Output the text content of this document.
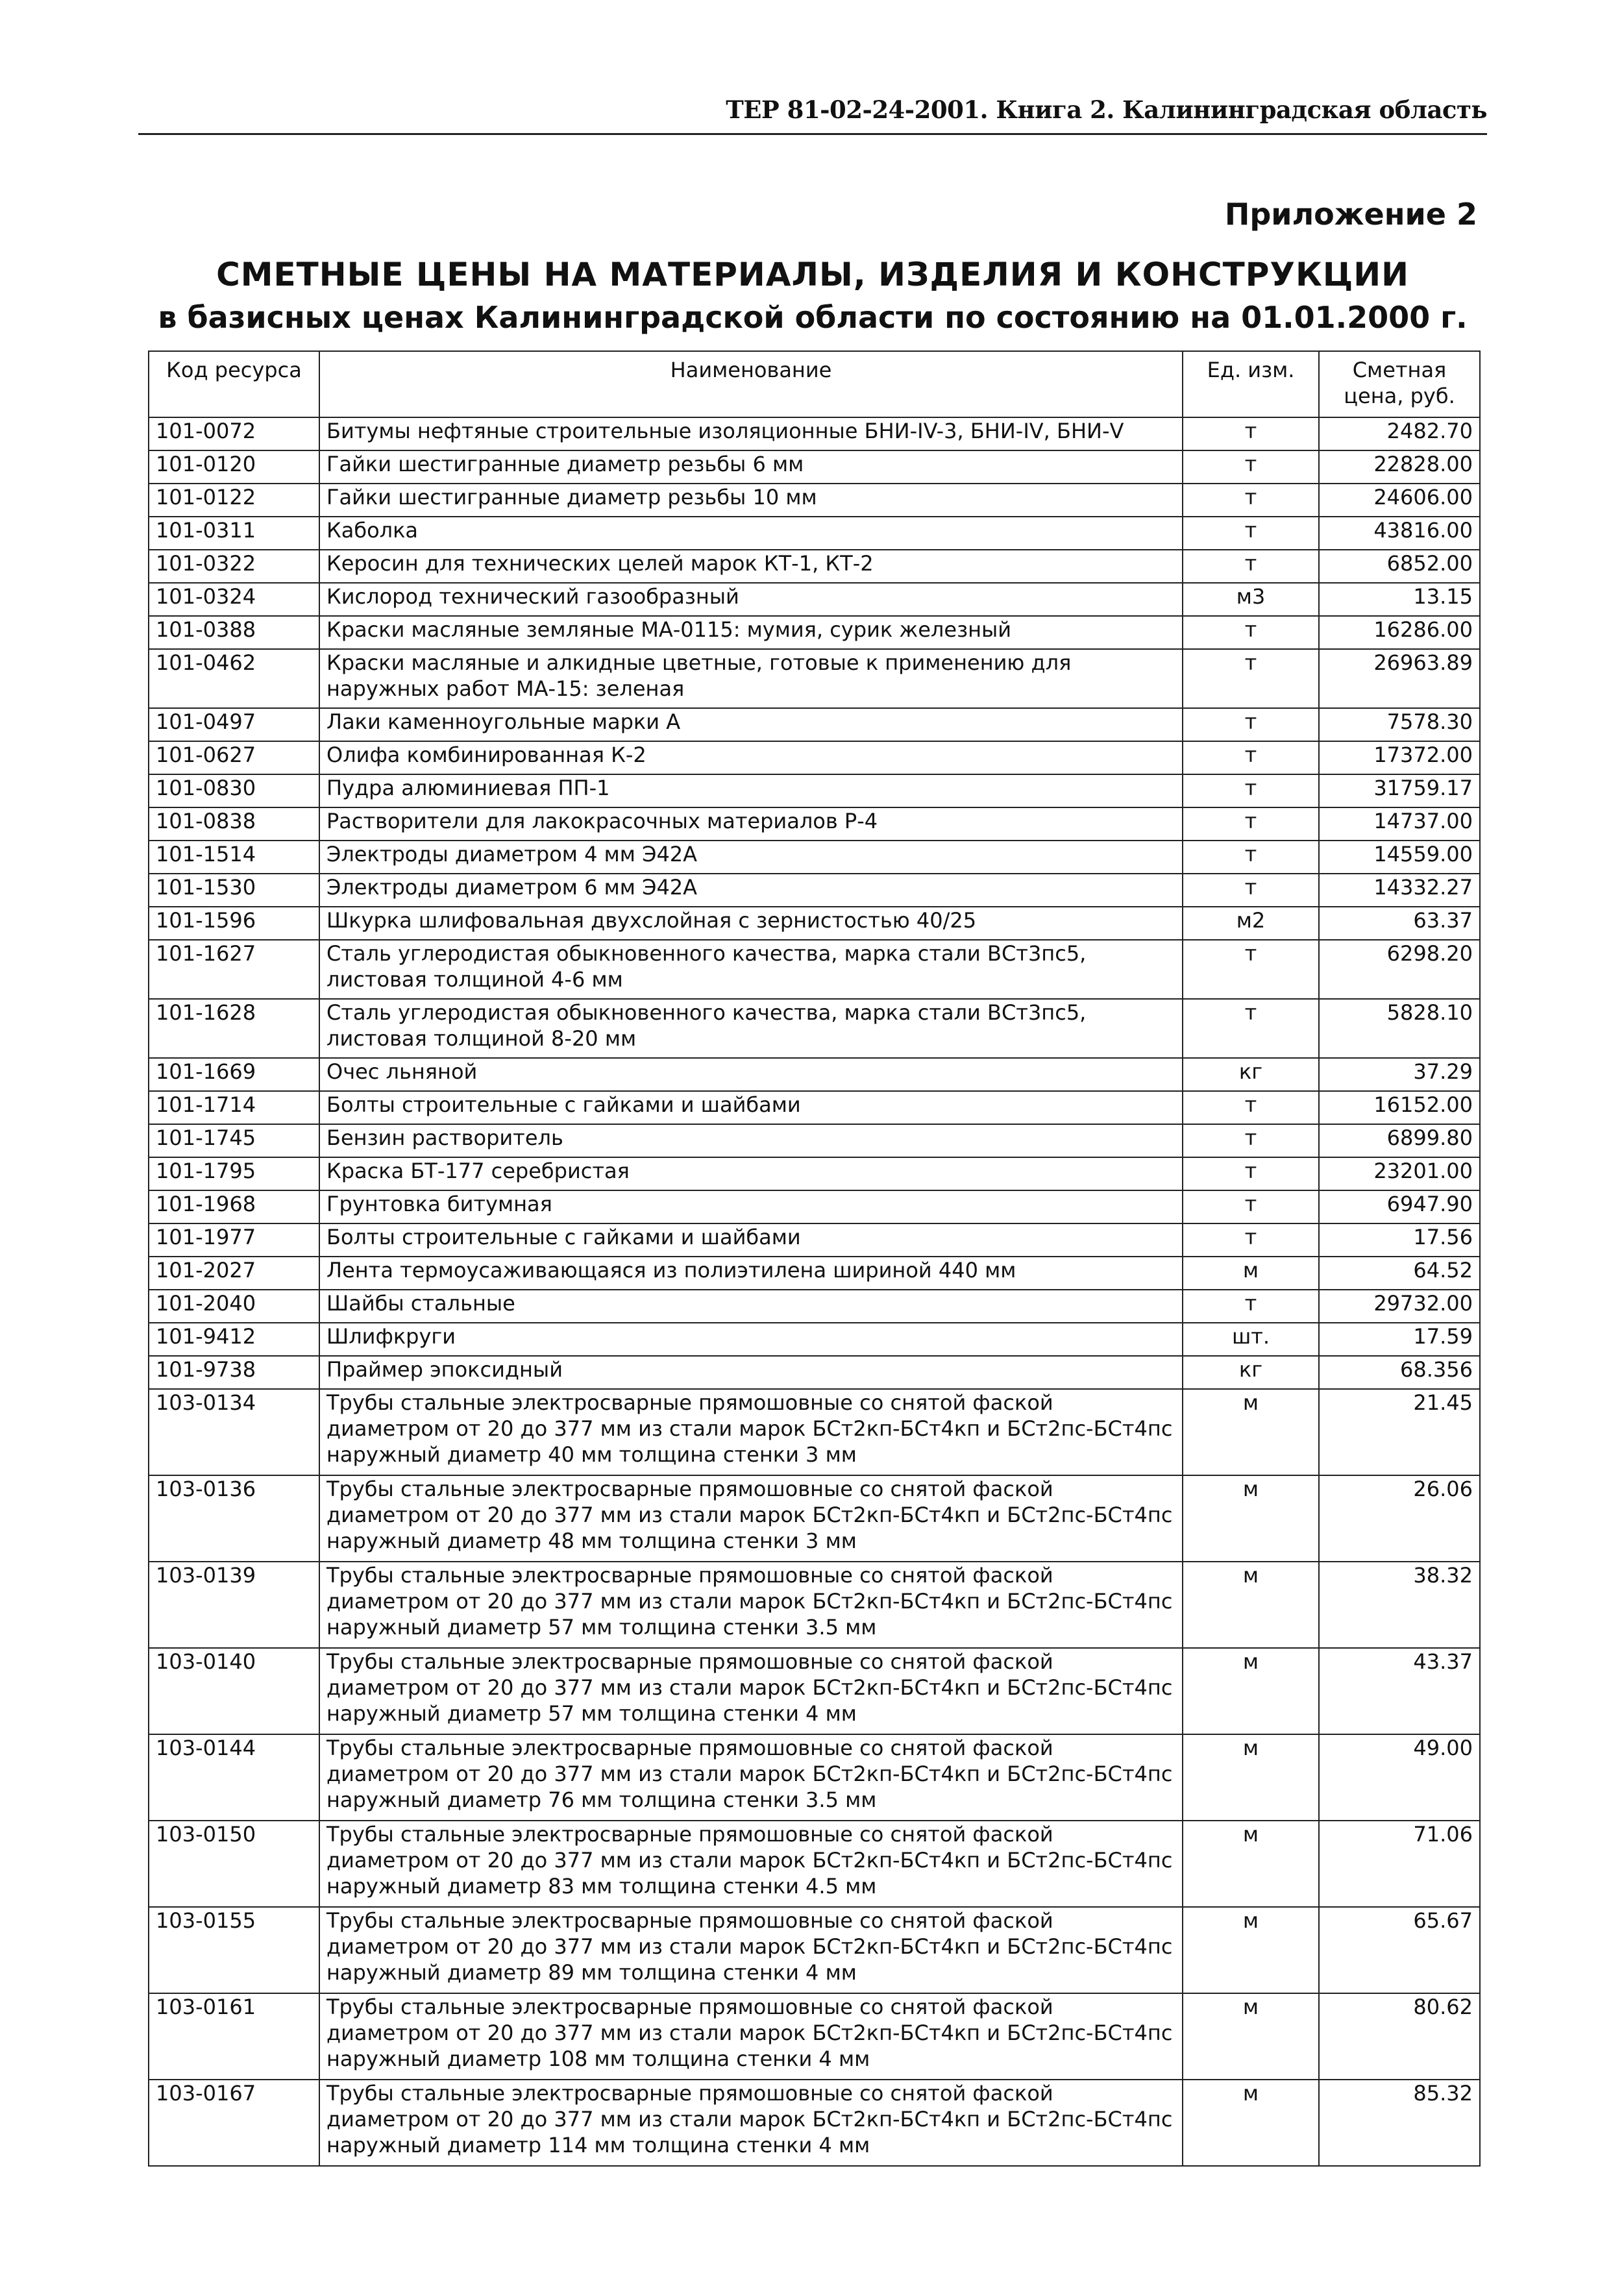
ТЕР 81-02-24-2001. Книга 2. Калининградская область
Приложение 2
СМЕТНЫЕ ЦЕНЫ НА МАТЕРИАЛЫ, ИЗДЕЛИЯ И КОНСТРУКЦИИ
в базисных ценах Калининградской области по состоянию на 01.01.2000 г.
Код ресурса	Наименование	Ед. изм.	Сметная
цена, руб.

101-0072	Битумы нефтяные строительные изоляционные БНИ-IV-3, БНИ-IV, БНИ-V	т	2482.70
101-0120	Гайки шестигранные диаметр резьбы 6 мм	т	22828.00
101-0122	Гайки шестигранные диаметр резьбы 10 мм	т	24606.00
101-0311	Каболка	т	43816.00
101-0322	Керосин для технических целей марок КТ-1, КТ-2	т	6852.00
101-0324	Кислород технический газообразный	м3	13.15
101-0388	Краски масляные земляные МА-0115: мумия, сурик железный	т	16286.00
101-0462	Краски масляные и алкидные цветные, готовые к применению для наружных работ МА-15: зеленая	т	26963.89
101-0497	Лаки каменноугольные марки А	т	7578.30
101-0627	Олифа комбинированная К-2	т	17372.00
101-0830	Пудра алюминиевая ПП-1	т	31759.17
101-0838	Растворители для лакокрасочных материалов Р-4	т	14737.00
101-1514	Электроды диаметром 4 мм Э42А	т	14559.00
101-1530	Электроды диаметром 6 мм Э42А	т	14332.27
101-1596	Шкурка шлифовальная двухслойная с зернистостью 40/25	м2	63.37
101-1627	Сталь углеродистая обыкновенного качества, марка стали ВСт3пс5, листовая толщиной 4-6 мм	т	6298.20
101-1628	Сталь углеродистая обыкновенного качества, марка стали ВСт3пс5, листовая толщиной 8-20 мм	т	5828.10
101-1669	Очес льняной	кг	37.29
101-1714	Болты строительные с гайками и шайбами	т	16152.00
101-1745	Бензин растворитель	т	6899.80
101-1795	Краска БТ-177 серебристая	т	23201.00
101-1968	Грунтовка битумная	т	6947.90
101-1977	Болты строительные с гайками и шайбами	т	17.56
101-2027	Лента термоусаживающаяся из полиэтилена шириной 440 мм	м	64.52
101-2040	Шайбы стальные	т	29732.00
101-9412	Шлифкруги	шт.	17.59
101-9738	Праймер эпоксидный	кг	68.356
103-0134	Трубы стальные электросварные прямошовные со снятой фаской диаметром от 20 до 377 мм из стали марок БСт2кп-БСт4кп и БСт2пс-БСт4пс наружный диаметр 40 мм толщина стенки 3 мм	м	21.45
103-0136	Трубы стальные электросварные прямошовные со снятой фаской диаметром от 20 до 377 мм из стали марок БСт2кп-БСт4кп и БСт2пс-БСт4пс наружный диаметр 48 мм толщина стенки 3 мм	м	26.06
103-0139	Трубы стальные электросварные прямошовные со снятой фаской диаметром от 20 до 377 мм из стали марок БСт2кп-БСт4кп и БСт2пс-БСт4пс наружный диаметр 57 мм толщина стенки 3.5 мм	м	38.32
103-0140	Трубы стальные электросварные прямошовные со снятой фаской диаметром от 20 до 377 мм из стали марок БСт2кп-БСт4кп и БСт2пс-БСт4пс наружный диаметр 57 мм толщина стенки 4 мм	м	43.37
103-0144	Трубы стальные электросварные прямошовные со снятой фаской диаметром от 20 до 377 мм из стали марок БСт2кп-БСт4кп и БСт2пс-БСт4пс наружный диаметр 76 мм толщина стенки 3.5 мм	м	49.00
103-0150	Трубы стальные электросварные прямошовные со снятой фаской диаметром от 20 до 377 мм из стали марок БСт2кп-БСт4кп и БСт2пс-БСт4пс наружный диаметр 83 мм толщина стенки 4.5 мм	м	71.06
103-0155	Трубы стальные электросварные прямошовные со снятой фаской диаметром от 20 до 377 мм из стали марок БСт2кп-БСт4кп и БСт2пс-БСт4пс наружный диаметр 89 мм толщина стенки 4 мм	м	65.67
103-0161	Трубы стальные электросварные прямошовные со снятой фаской диаметром от 20 до 377 мм из стали марок БСт2кп-БСт4кп и БСт2пс-БСт4пс наружный диаметр 108 мм толщина стенки 4 мм	м	80.62
103-0167	Трубы стальные электросварные прямошовные со снятой фаской диаметром от 20 до 377 мм из стали марок БСт2кп-БСт4кп и БСт2пс-БСт4пс наружный диаметр 114 мм толщина стенки 4 мм	м	85.32
